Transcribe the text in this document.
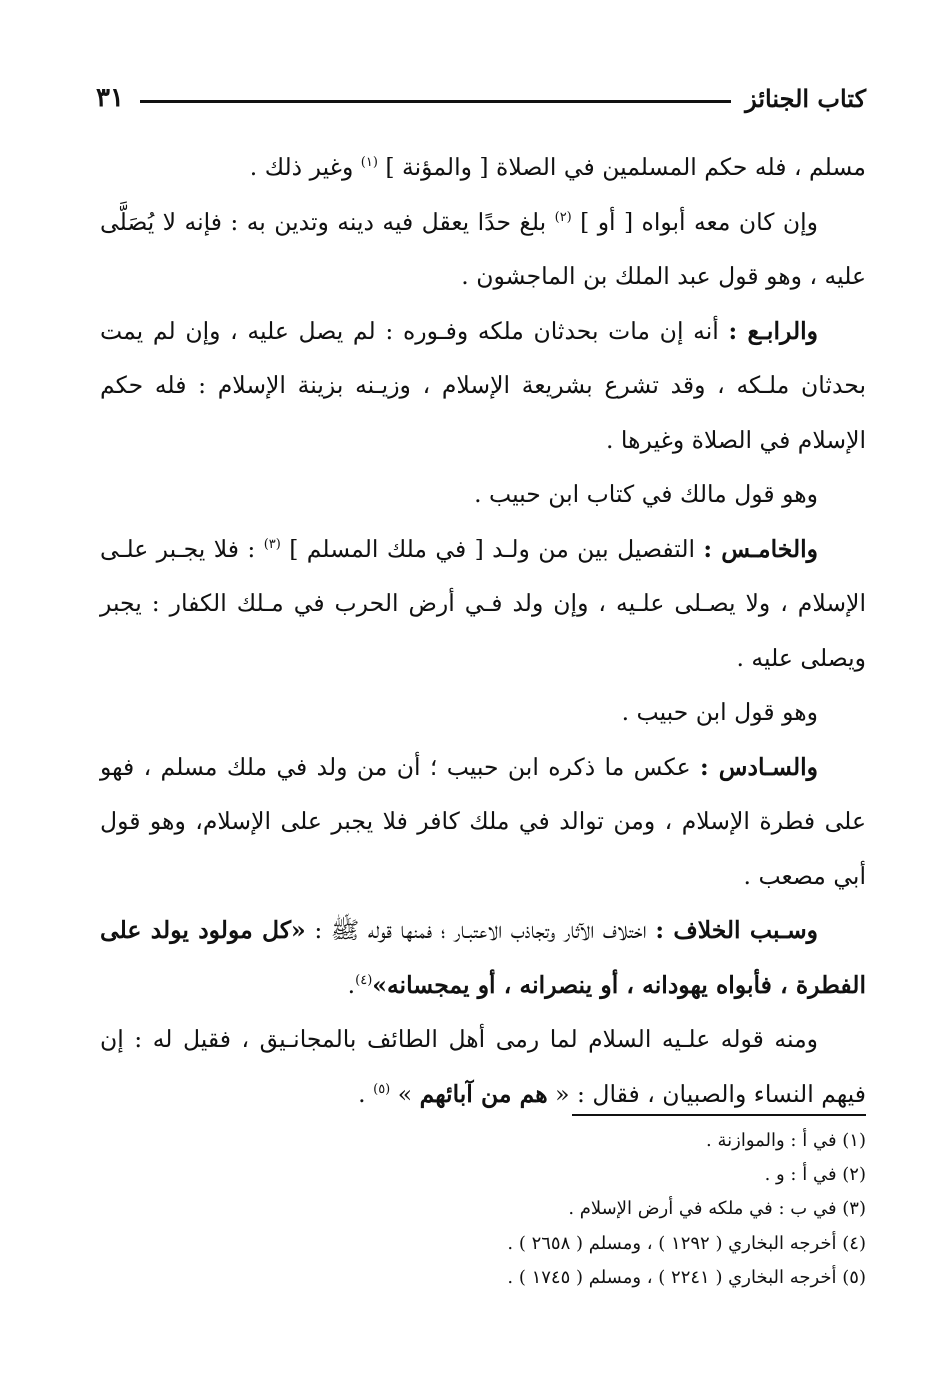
كتاب الجنائز
٣١

مسلم ، فله حكم المسلمين في الصلاة [ والمؤنة ] $^{(١)}$ وغير ذلك .

وإن كان معه أبواه [ أو ] $^{(٢)}$ بلغ حدًا يعقل فيه دينه وتدين به : فإنه لا يُصَلَّى عليه ، وهو قول عبد الملك بن الماجشون .

والرابـع : أنه إن مات بحدثان ملكه وفـوره : لم يصل عليه ، وإن لم يمت بحدثان ملـكه ، وقد تشرع بشريعة الإسلام ، وزيـنه بزينة الإسلام : فله حكم الإسلام في الصلاة وغيرها .

وهو قول مالك في كتاب ابن حبيب .

والخامـس : التفصيل بين من ولـد [ في ملك المسلم ] $^{(٣)}$ : فلا يجـبر علـى الإسلام ، ولا يصـلى علـيه ، وإن ولد فـي أرض الحرب في مـلك الكفار : يجبر ويصلى عليه .

وهو قول ابن حبيب .

والسـادس : عكس ما ذكره ابن حبيب ؛ أن من ولد في ملك مسلم ، فهو على فطرة الإسلام ، ومن توالد في ملك كافر فلا يجبر على الإسلام، وهو قول أبي مصعب .

وسـبب الخلاف : اختلاف الآثار وتجاذب الاعتبـار ؛ فمنها قوله ﷺ : «كل مولود يولد على الفطرة ، فأبواه يهودانه ، أو ينصرانه ، أو يمجسانه»$^{(٤)}$.

ومنه قوله علـيه السلام لما رمى أهل الطائف بالمجانـيق ، فقيل له : إن فيهم النساء والصبيان ، فقال : « هم من آبائهم » $^{(٥)}$ .

(١) في أ : والموازنة .

(٢) في أ : و .

(٣) في ب : في ملكه في أرض الإسلام .

(٤) أخرجه البخاري ( ١٢٩٢ ) ، ومسلم ( ٢٦٥٨ ) .

(٥) أخرجه البخاري ( ٢٢٤١ ) ، ومسلم ( ١٧٤٥ ) .
